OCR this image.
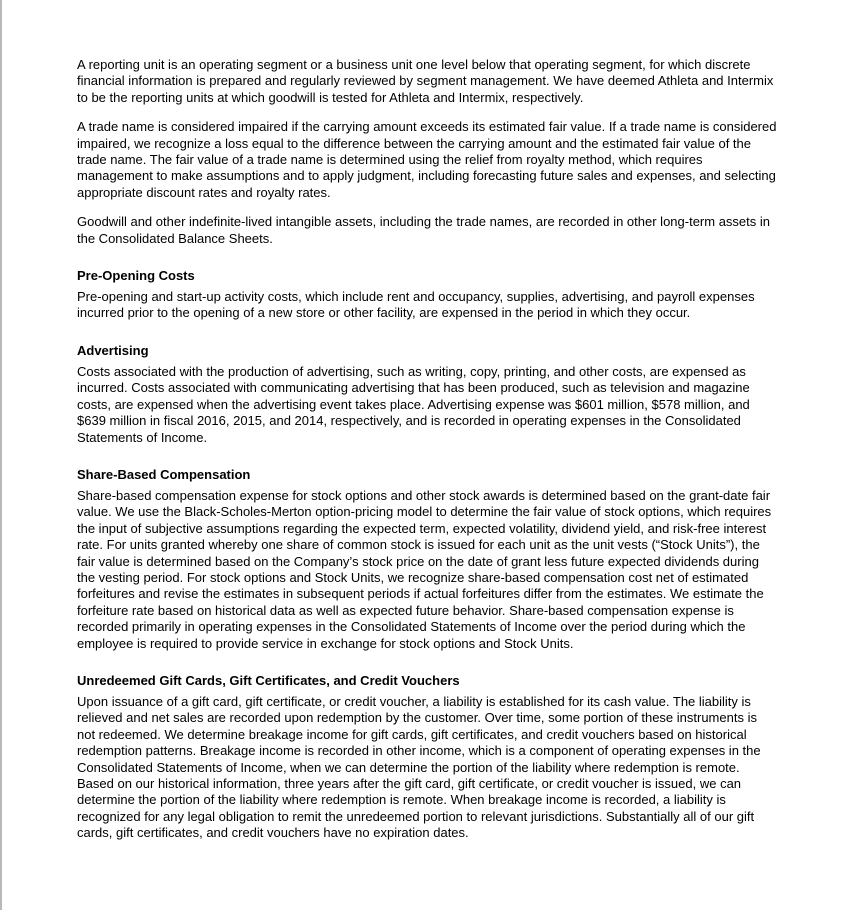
A reporting unit is an operating segment or a business unit one level below that operating segment, for which discrete financial information is prepared and regularly reviewed by segment management. We have deemed Athleta and Intermix to be the reporting units at which goodwill is tested for Athleta and Intermix, respectively.

A trade name is considered impaired if the carrying amount exceeds its estimated fair value. If a trade name is considered impaired, we recognize a loss equal to the difference between the carrying amount and the estimated fair value of the trade name. The fair value of a trade name is determined using the relief from royalty method, which requires management to make assumptions and to apply judgment, including forecasting future sales and expenses, and selecting appropriate discount rates and royalty rates.

Goodwill and other indefinite-lived intangible assets, including the trade names, are recorded in other long-term assets in the Consolidated Balance Sheets.

Pre-Opening Costs

Pre-opening and start-up activity costs, which include rent and occupancy, supplies, advertising, and payroll expenses incurred prior to the opening of a new store or other facility, are expensed in the period in which they occur.

Advertising

Costs associated with the production of advertising, such as writing, copy, printing, and other costs, are expensed as incurred. Costs associated with communicating advertising that has been produced, such as television and magazine costs, are expensed when the advertising event takes place. Advertising expense was $601 million, $578 million, and $639 million in fiscal 2016, 2015, and 2014, respectively, and is recorded in operating expenses in the Consolidated Statements of Income.

Share-Based Compensation

Share-based compensation expense for stock options and other stock awards is determined based on the grant-date fair value. We use the Black-Scholes-Merton option-pricing model to determine the fair value of stock options, which requires the input of subjective assumptions regarding the expected term, expected volatility, dividend yield, and risk-free interest rate. For units granted whereby one share of common stock is issued for each unit as the unit vests (“Stock Units”), the fair value is determined based on the Company’s stock price on the date of grant less future expected dividends during the vesting period. For stock options and Stock Units, we recognize share-based compensation cost net of estimated forfeitures and revise the estimates in subsequent periods if actual forfeitures differ from the estimates. We estimate the forfeiture rate based on historical data as well as expected future behavior. Share-based compensation expense is recorded primarily in operating expenses in the Consolidated Statements of Income over the period during which the employee is required to provide service in exchange for stock options and Stock Units.

Unredeemed Gift Cards, Gift Certificates, and Credit Vouchers

Upon issuance of a gift card, gift certificate, or credit voucher, a liability is established for its cash value. The liability is relieved and net sales are recorded upon redemption by the customer. Over time, some portion of these instruments is not redeemed. We determine breakage income for gift cards, gift certificates, and credit vouchers based on historical redemption patterns. Breakage income is recorded in other income, which is a component of operating expenses in the Consolidated Statements of Income, when we can determine the portion of the liability where redemption is remote. Based on our historical information, three years after the gift card, gift certificate, or credit voucher is issued, we can determine the portion of the liability where redemption is remote. When breakage income is recorded, a liability is recognized for any legal obligation to remit the unredeemed portion to relevant jurisdictions. Substantially all of our gift cards, gift certificates, and credit vouchers have no expiration dates.
